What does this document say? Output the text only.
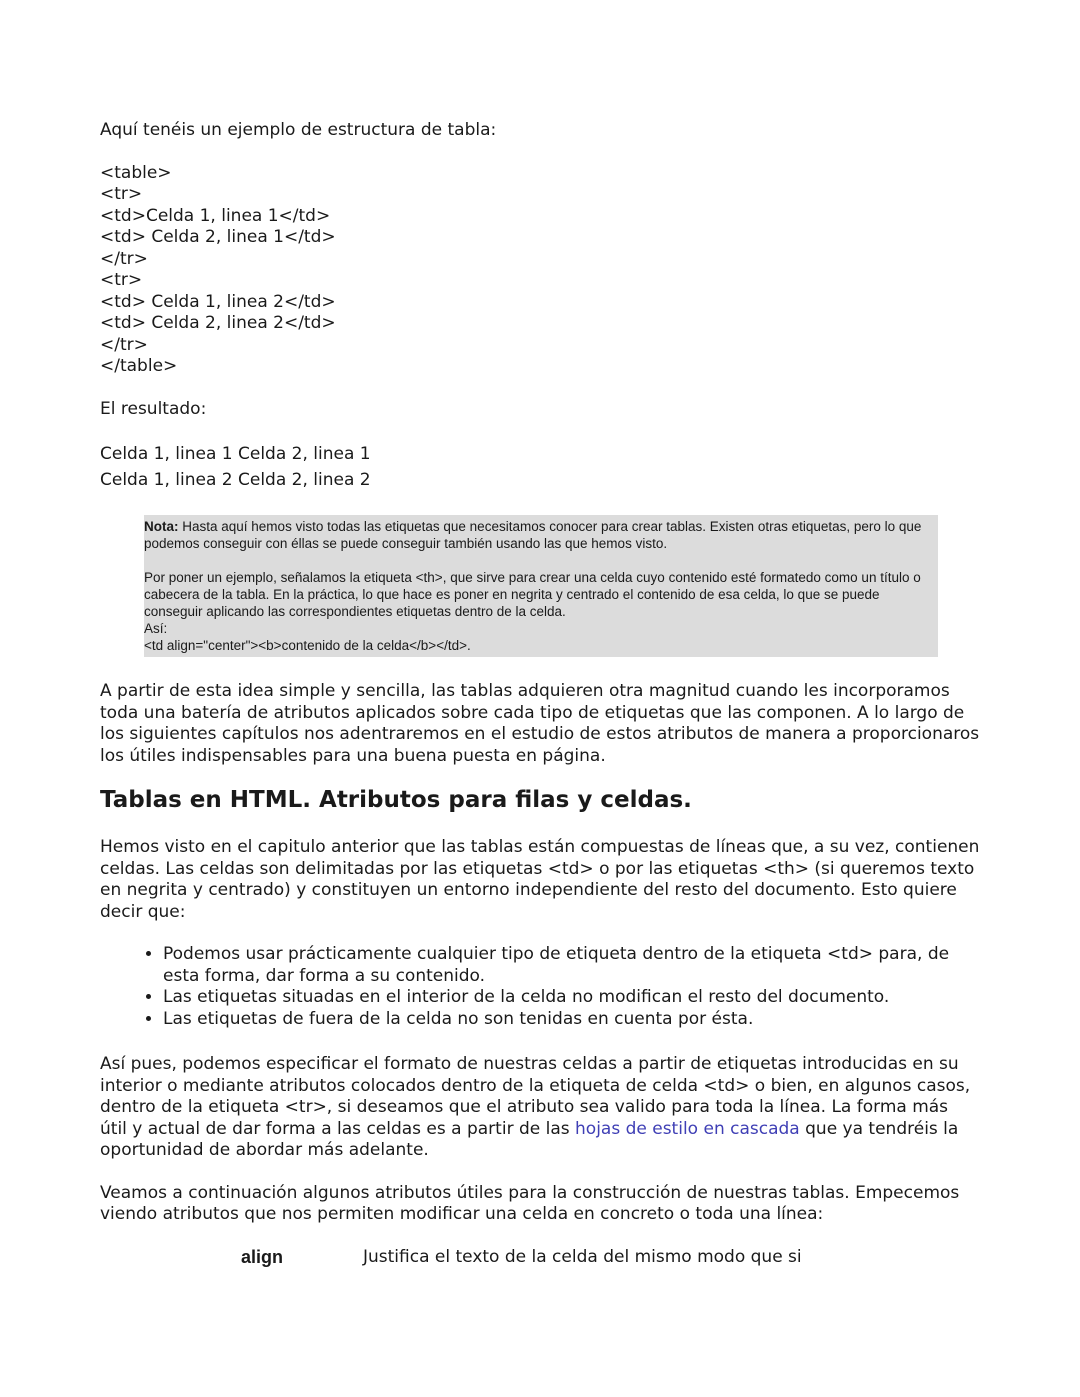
Aquí tenéis un ejemplo de estructura de tabla:

<table>
<tr>
<td>Celda 1, linea 1</td>
<td> Celda 2, linea 1</td>
</tr>
<tr>
<td> Celda 1, linea 2</td>
<td> Celda 2, linea 2</td>
</tr>
</table>

El resultado:

Celda 1, linea 1 Celda 2, linea 1
Celda 1, linea 2 Celda 2, linea 2

Nota: Hasta aquí hemos visto todas las etiquetas que necesitamos conocer para crear tablas. Existen otras etiquetas, pero lo que podemos conseguir con éllas se puede conseguir también usando las que hemos visto.

Por poner un ejemplo, señalamos la etiqueta <th>, que sirve para crear una celda cuyo contenido esté formatedo como un título o cabecera de la tabla. En la práctica, lo que hace es poner en negrita y centrado el contenido de esa celda, lo que se puede conseguir aplicando las correspondientes etiquetas dentro de la celda.

Así:

<td align="center"><b>contenido de la celda</b></td>.

A partir de esta idea simple y sencilla, las tablas adquieren otra magnitud cuando les incorporamos toda una batería de atributos aplicados sobre cada tipo de etiquetas que las componen. A lo largo de los siguientes capítulos nos adentraremos en el estudio de estos atributos de manera a proporcionaros los útiles indispensables para una buena puesta en página.

Tablas en HTML. Atributos para filas y celdas.

Hemos visto en el capitulo anterior que las tablas están compuestas de líneas que, a su vez, contienen celdas. Las celdas son delimitadas por las etiquetas <td> o por las etiquetas <th> (si queremos texto en negrita y centrado) y constituyen un entorno independiente del resto del documento. Esto quiere decir que:

• Podemos usar prácticamente cualquier tipo de etiqueta dentro de la etiqueta <td> para, de esta forma, dar forma a su contenido.
• Las etiquetas situadas en el interior de la celda no modifican el resto del documento.
• Las etiquetas de fuera de la celda no son tenidas en cuenta por ésta.

Así pues, podemos especificar el formato de nuestras celdas a partir de etiquetas introducidas en su interior o mediante atributos colocados dentro de la etiqueta de celda <td> o bien, en algunos casos, dentro de la etiqueta <tr>, si deseamos que el atributo sea valido para toda la línea. La forma más útil y actual de dar forma a las celdas es a partir de las hojas de estilo en cascada que ya tendréis la oportunidad de abordar más adelante.

Veamos a continuación algunos atributos útiles para la construcción de nuestras tablas. Empecemos viendo atributos que nos permiten modificar una celda en concreto o toda una línea:

align	Justifica el texto de la celda del mismo modo que si
